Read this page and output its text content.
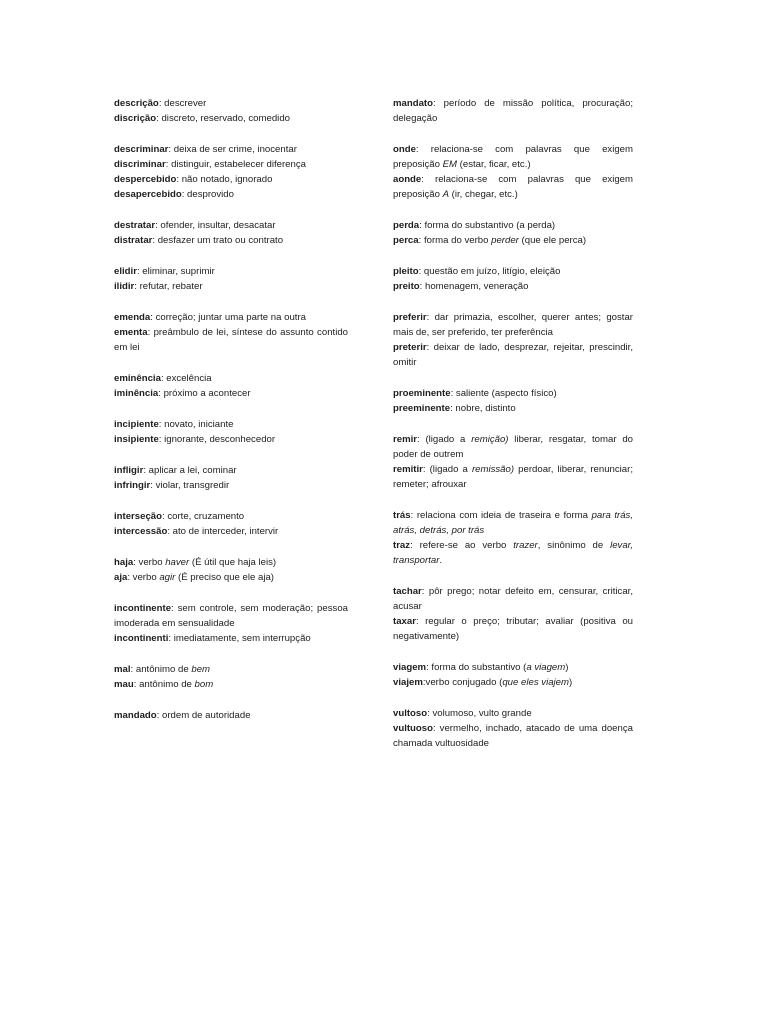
descrição: descrever

discrição: discreto, reservado, comedido

descriminar: deixa de ser crime, inocentar

discriminar: distinguir, estabelecer diferença

despercebido: não notado, ignorado

desapercebido: desprovido

destratar: ofender, insultar, desacatar

distratar: desfazer um trato ou contrato

elidir: eliminar, suprimir

ilidir: refutar, rebater

emenda: correção; juntar uma parte na outra

ementa: preâmbulo de lei, síntese do assunto contido em lei

eminência: excelência

iminência: próximo a acontecer

incipiente: novato, iniciante

insipiente: ignorante, desconhecedor

infligir: aplicar a lei, cominar

infringir: violar, transgredir

interseção: corte, cruzamento

intercessão: ato de interceder, intervir

haja: verbo haver (É útil que haja leis)

aja: verbo agir (É preciso que ele aja)

incontinente: sem controle, sem moderação; pessoa imoderada em sensualidade

incontinenti: imediatamente, sem interrupção

mal: antônimo de bem

mau: antônimo de bom

mandado: ordem de autoridade

mandato: período de missão política, procuração; delegação

onde: relaciona-se com palavras que exigem preposição EM (estar, ficar, etc.)

aonde: relaciona-se com palavras que exigem preposição A (ir, chegar, etc.)

perda: forma do substantivo (a perda)

perca: forma do verbo perder (que ele perca)

pleito: questão em juízo, litígio, eleição

preito: homenagem, veneração

preferir: dar primazia, escolher, querer antes; gostar mais de, ser preferido, ter preferência

preterir: deixar de lado, desprezar, rejeitar, prescindir, omitir

proeminente: saliente (aspecto físico)

preeminente: nobre, distinto

remir: (ligado a remição) liberar, resgatar, tomar do poder de outrem

remitir: (ligado a remissão) perdoar, liberar, renunciar; remeter; afrouxar

trás: relaciona com ideia de traseira e forma para trás, atrás, detrás, por trás

traz: refere-se ao verbo trazer, sinônimo de levar, transportar.

tachar: pôr prego; notar defeito em, censurar, criticar, acusar

taxar: regular o preço; tributar; avaliar (positiva ou negativamente)

viagem: forma do substantivo (a viagem)

viajem:verbo conjugado (que eles viajem)

vultoso: volumoso, vulto grande

vultuoso: vermelho, inchado, atacado de uma doença chamada vultuosidade
